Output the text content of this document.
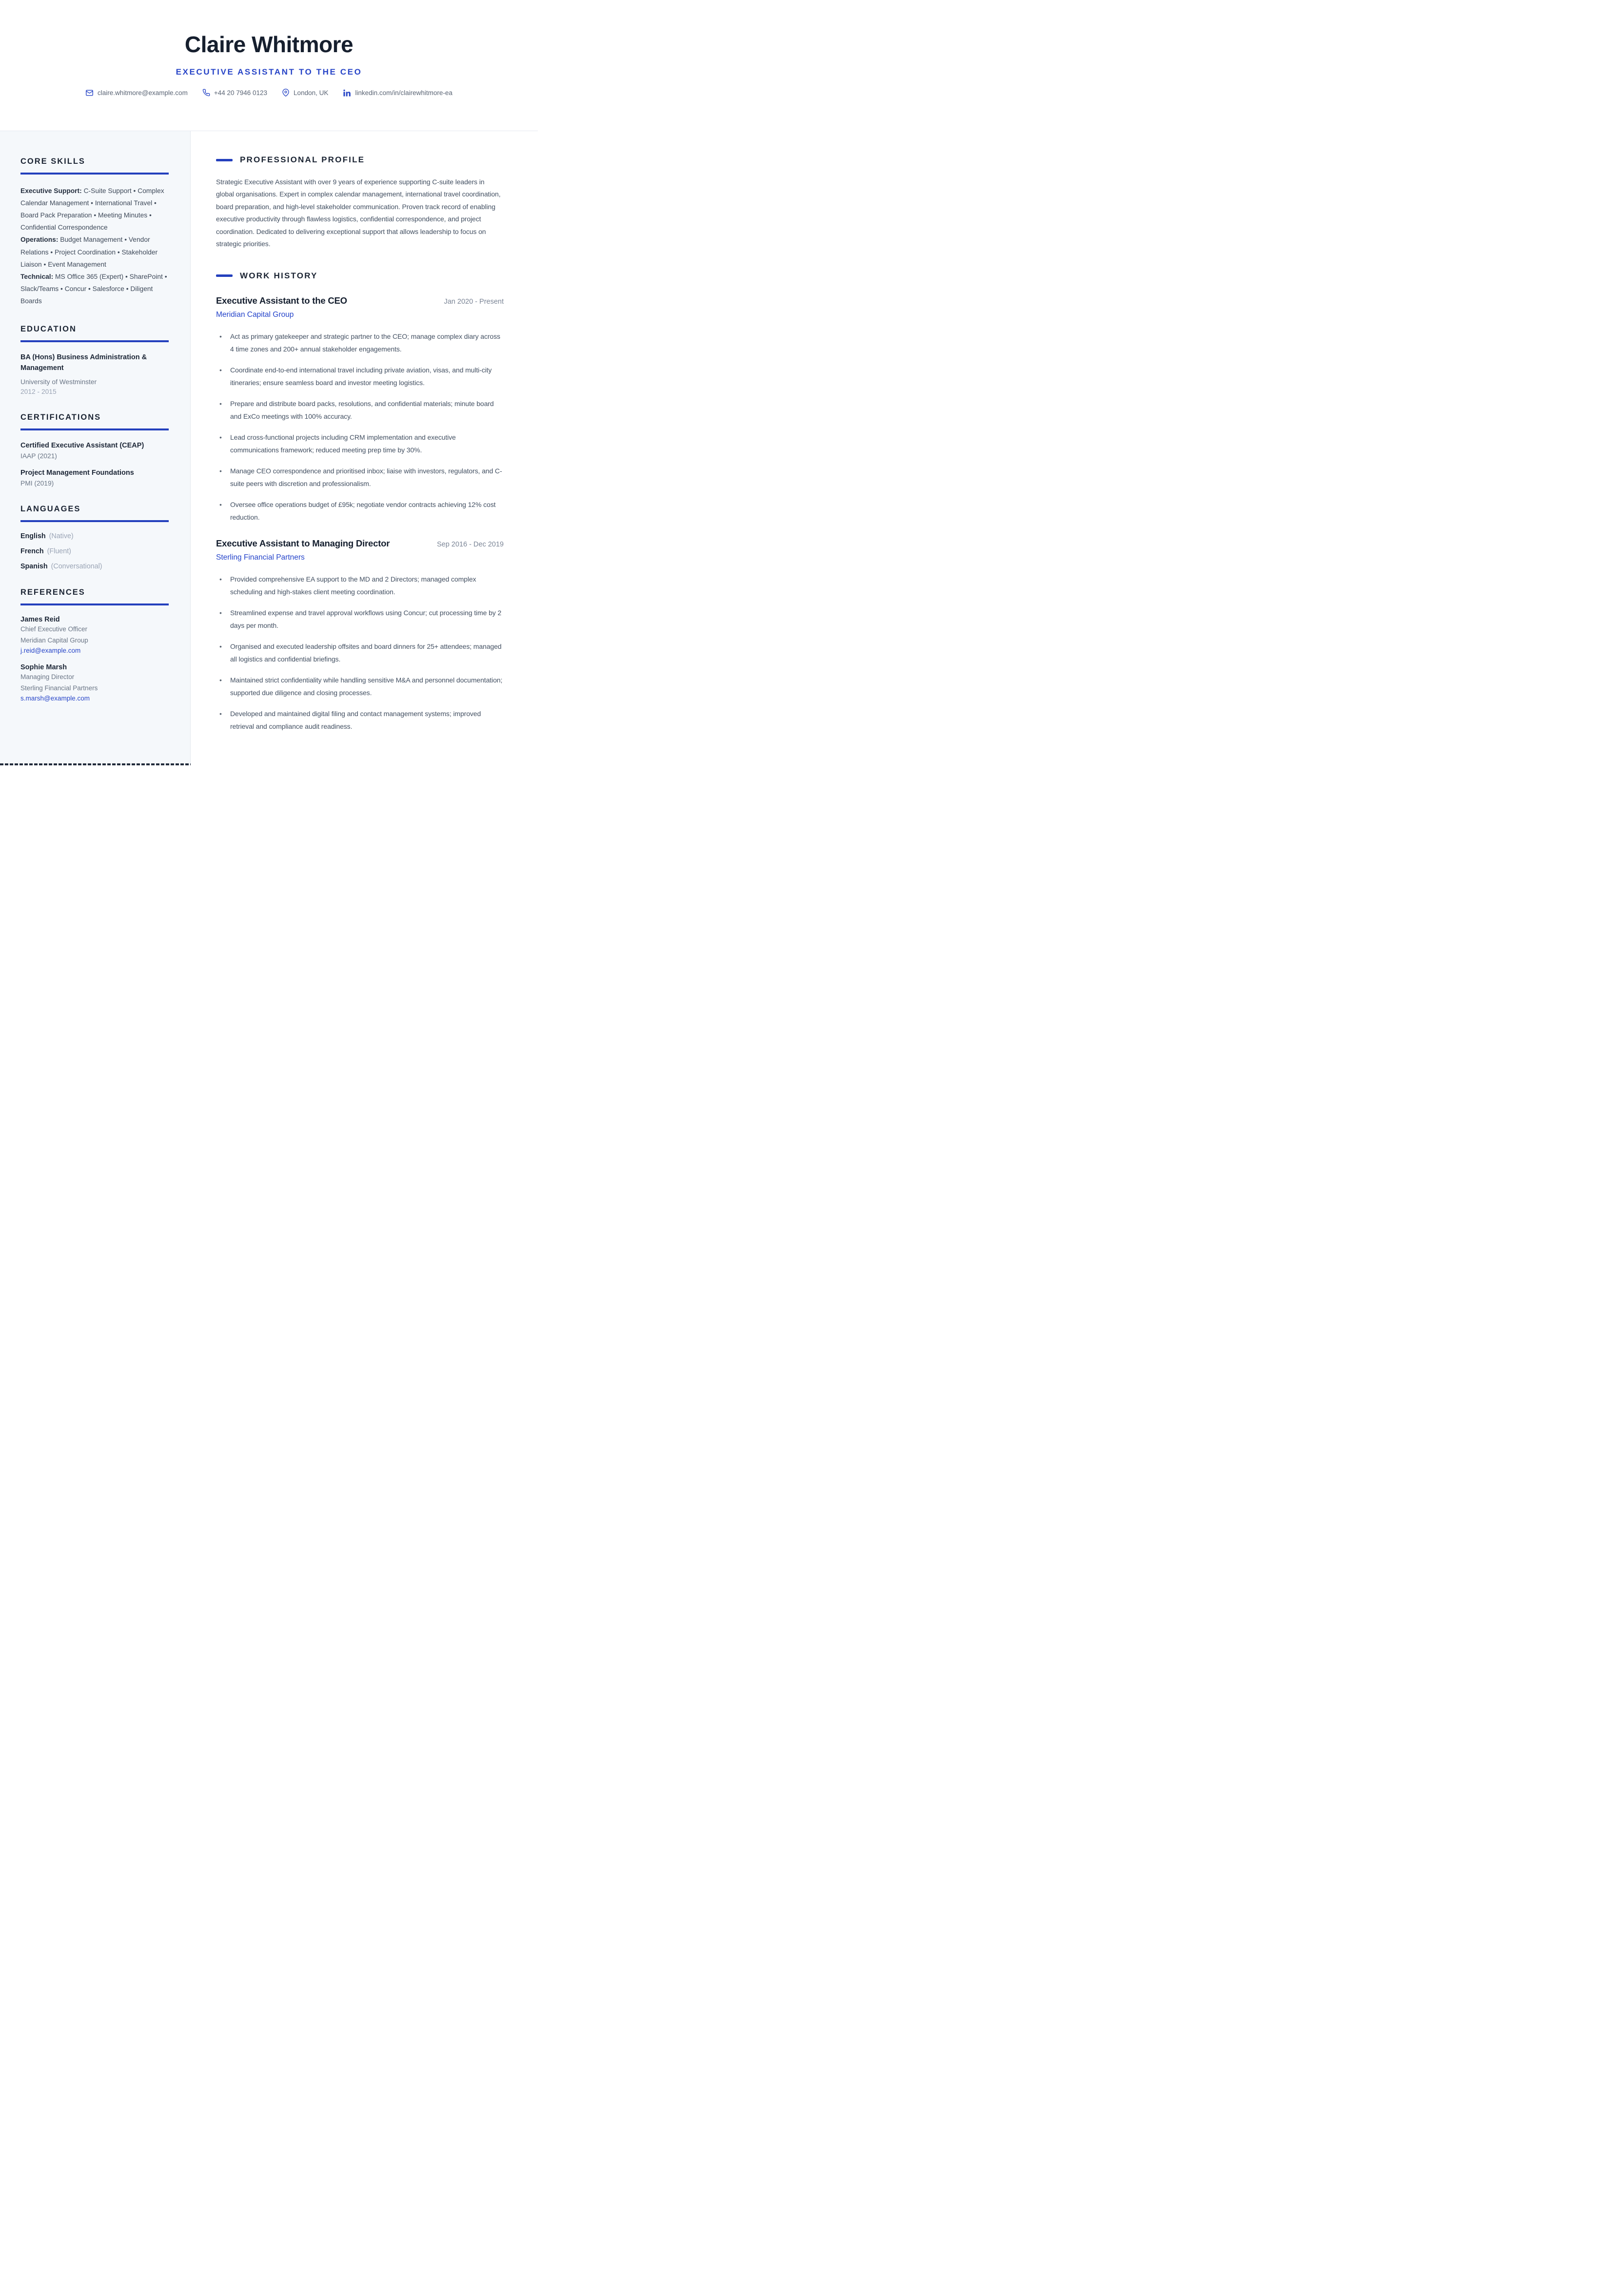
Claire Whitmore
EXECUTIVE ASSISTANT TO THE CEO
claire.whitmore@example.com	+44 20 7946 0123	London, UK	linkedin.com/in/clairewhitmore-ea
CORE SKILLS

Executive Support: C-Suite Support • Complex Calendar Management • International Travel • Board Pack Preparation • Meeting Minutes • Confidential Correspondence

Operations: Budget Management • Vendor Relations • Project Coordination • Stakeholder Liaison • Event Management

Technical: MS Office 365 (Expert) • SharePoint • Slack/Teams • Concur • Salesforce • Diligent Boards

EDUCATION
BA (Hons) Business Administration & Management
University of Westminster
2012 - 2015
CERTIFICATIONS
Certified Executive Assistant (CEAP)
IAAP (2021)
Project Management Foundations
PMI (2019)
LANGUAGES
English (Native)
French (Fluent)
Spanish (Conversational)
REFERENCES
James Reid
Chief Executive Officer
Meridian Capital Group
j.reid@example.com
Sophie Marsh
Managing Director
Sterling Financial Partners
s.marsh@example.com
PROFESSIONAL PROFILE

Strategic Executive Assistant with over 9 years of experience supporting C-suite leaders in global organisations. Expert in complex calendar management, international travel coordination, board preparation, and high-level stakeholder communication. Proven track record of enabling executive productivity through flawless logistics, confidential correspondence, and project coordination. Dedicated to delivering exceptional support that allows leadership to focus on strategic priorities.

WORK HISTORY
Executive Assistant to the CEO	Jan 2020 - Present
Meridian Capital Group
• Act as primary gatekeeper and strategic partner to the CEO; manage complex diary across 4 time zones and 200+ annual stakeholder engagements.
• Coordinate end-to-end international travel including private aviation, visas, and multi-city itineraries; ensure seamless board and investor meeting logistics.
• Prepare and distribute board packs, resolutions, and confidential materials; minute board and ExCo meetings with 100% accuracy.
• Lead cross-functional projects including CRM implementation and executive communications framework; reduced meeting prep time by 30%.
• Manage CEO correspondence and prioritised inbox; liaise with investors, regulators, and C-suite peers with discretion and professionalism.
• Oversee office operations budget of £95k; negotiate vendor contracts achieving 12% cost reduction.
Executive Assistant to Managing Director	Sep 2016 - Dec 2019
Sterling Financial Partners
• Provided comprehensive EA support to the MD and 2 Directors; managed complex scheduling and high-stakes client meeting coordination.
• Streamlined expense and travel approval workflows using Concur; cut processing time by 2 days per month.
• Organised and executed leadership offsites and board dinners for 25+ attendees; managed all logistics and confidential briefings.
• Maintained strict confidentiality while handling sensitive M&A and personnel documentation; supported due diligence and closing processes.
• Developed and maintained digital filing and contact management systems; improved retrieval and compliance audit readiness.
